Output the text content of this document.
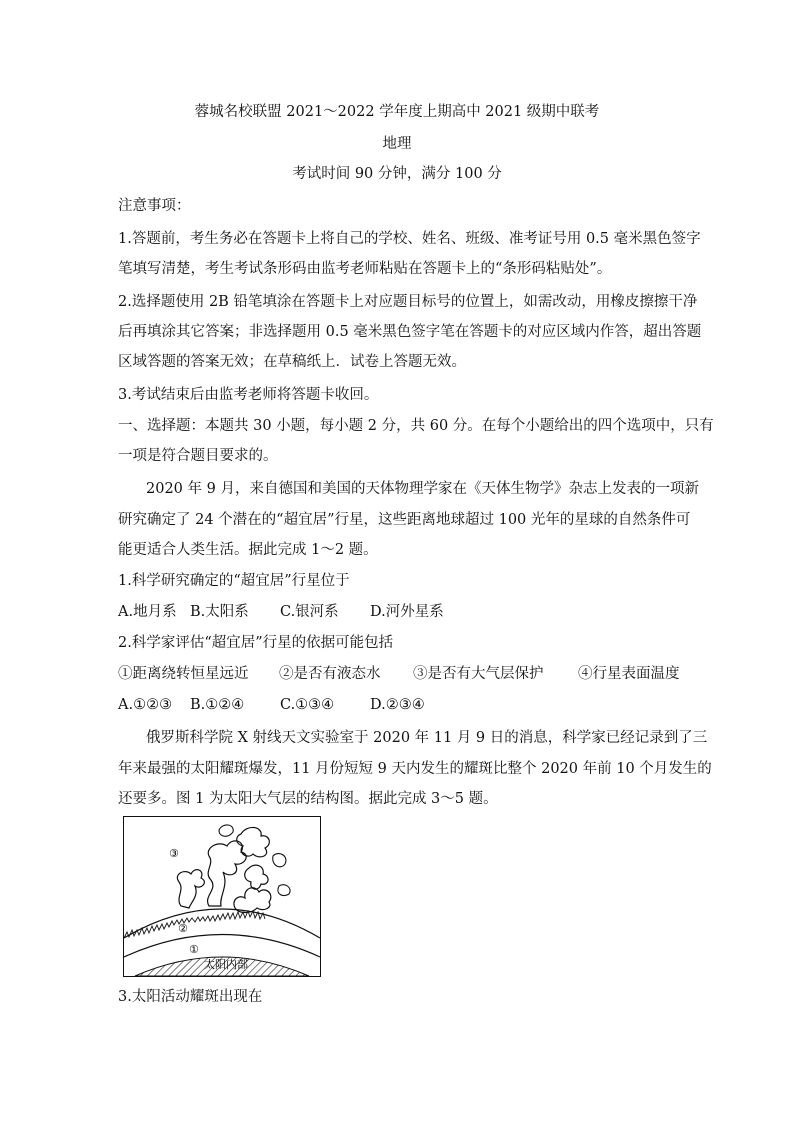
蓉城名校联盟 2021～2022 学年度上期高中 2021 级期中联考
地理
考试时间 90 分钟，满分 100 分
注意事项：
1.答题前，考生务必在答题卡上将自己的学校、姓名、班级、准考证号用 0.5 毫米黑色签字
笔填写清楚，考生考试条形码由监考老师粘贴在答题卡上的“条形码粘贴处”。
2.选择题使用 2B 铅笔填涂在答题卡上对应题目标号的位置上，如需改动，用橡皮擦擦干净
后再填涂其它答案；非选择题用 0.5 毫米黑色签字笔在答题卡的对应区域内作答，超出答题
区域答题的答案无效；在草稿纸上．试卷上答题无效。
3.考试结束后由监考老师将答题卡收回。
一、选择题：本题共 30 小题，每小题 2 分，共 60 分。在每个小题给出的四个选项中，只有
一项是符合题目要求的。
2020 年 9 月，来自德国和美国的天体物理学家在《天体生物学》杂志上发表的一项新
研究确定了 24 个潜在的“超宜居”行星，这些距离地球超过 100 光年的星球的自然条件可
能更适合人类生活。据此完成 1～2 题。
1.科学研究确定的“超宜居”行星位于
A.地月系 B.太阳系 C.银河系 D.河外星系
2.科学家评估“超宜居”行星的依据可能包括
①距离绕转恒星远近 ②是否有液态水 ③是否有大气层保护 ④行星表面温度
A.①②③ B.①②④ C.①③④ D.②③④
俄罗斯科学院 X 射线天文实验室于 2020 年 11 月 9 日的消息，科学家已经记录到了三
年来最强的太阳耀斑爆发，11 月份短短 9 天内发生的耀斑比整个 2020 年前 10 个月发生的
还要多。图 1 为太阳大气层的结构图。据此完成 3～5 题。
③
②
①
太阳内部
3.太阳活动耀斑出现在
